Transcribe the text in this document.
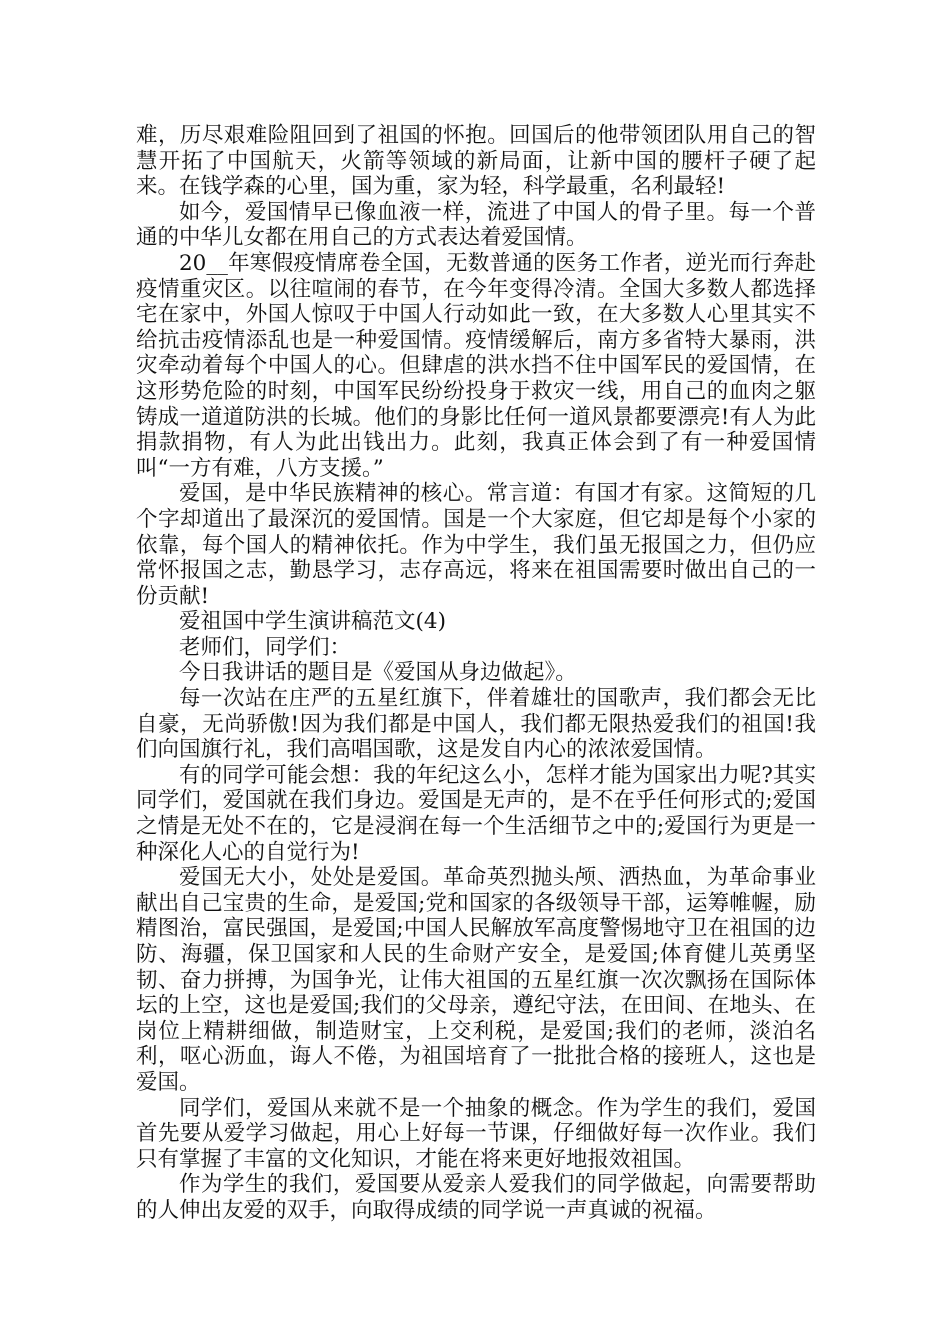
难，历尽艰难险阻回到了祖国的怀抱。回国后的他带领团队用自己的智慧开拓了中国航天，火箭等领域的新局面，让新中国的腰杆子硬了起来。在钱学森的心里，国为重，家为轻，科学最重，名利最轻!

如今，爱国情早已像血液一样，流进了中国人的骨子里。每一个普通的中华儿女都在用自己的方式表达着爱国情。

20__年寒假疫情席卷全国，无数普通的医务工作者，逆光而行奔赴疫情重灾区。以往喧闹的春节，在今年变得冷清。全国大多数人都选择宅在家中，外国人惊叹于中国人行动如此一致，在大多数人心里其实不给抗击疫情添乱也是一种爱国情。疫情缓解后，南方多省特大暴雨，洪灾牵动着每个中国人的心。但肆虐的洪水挡不住中国军民的爱国情，在这形势危险的时刻，中国军民纷纷投身于救灾一线，用自己的血肉之躯铸成一道道防洪的长城。他们的身影比任何一道风景都要漂亮!有人为此捐款捐物，有人为此出钱出力。此刻，我真正体会到了有一种爱国情叫“一方有难，八方支援。”

爱国，是中华民族精神的核心。常言道：有国才有家。这简短的几个字却道出了最深沉的爱国情。国是一个大家庭，但它却是每个小家的依靠，每个国人的精神依托。作为中学生，我们虽无报国之力，但仍应常怀报国之志，勤恳学习，志存高远，将来在祖国需要时做出自己的一份贡献!

爱祖国中学生演讲稿范文(4)

老师们，同学们：

今日我讲话的题目是《爱国从身边做起》。

每一次站在庄严的五星红旗下，伴着雄壮的国歌声，我们都会无比自豪，无尚骄傲!因为我们都是中国人，我们都无限热爱我们的祖国!我们向国旗行礼，我们高唱国歌，这是发自内心的浓浓爱国情。

有的同学可能会想：我的年纪这么小，怎样才能为国家出力呢?其实同学们，爱国就在我们身边。爱国是无声的，是不在乎任何形式的;爱国之情是无处不在的，它是浸润在每一个生活细节之中的;爱国行为更是一种深化人心的自觉行为!

爱国无大小，处处是爱国。革命英烈抛头颅、洒热血，为革命事业献出自己宝贵的生命，是爱国;党和国家的各级领导干部，运筹帷幄，励精图治，富民强国，是爱国;中国人民解放军高度警惕地守卫在祖国的边防、海疆，保卫国家和人民的生命财产安全，是爱国;体育健儿英勇坚韧、奋力拼搏，为国争光，让伟大祖国的五星红旗一次次飘扬在国际体坛的上空，这也是爱国;我们的父母亲，遵纪守法，在田间、在地头、在岗位上精耕细做，制造财宝，上交利税，是爱国;我们的老师，淡泊名利，呕心沥血，诲人不倦，为祖国培育了一批批合格的接班人，这也是爱国。

同学们，爱国从来就不是一个抽象的概念。作为学生的我们，爱国首先要从爱学习做起，用心上好每一节课，仔细做好每一次作业。我们只有掌握了丰富的文化知识，才能在将来更好地报效祖国。

作为学生的我们，爱国要从爱亲人爱我们的同学做起，向需要帮助的人伸出友爱的双手，向取得成绩的同学说一声真诚的祝福。
